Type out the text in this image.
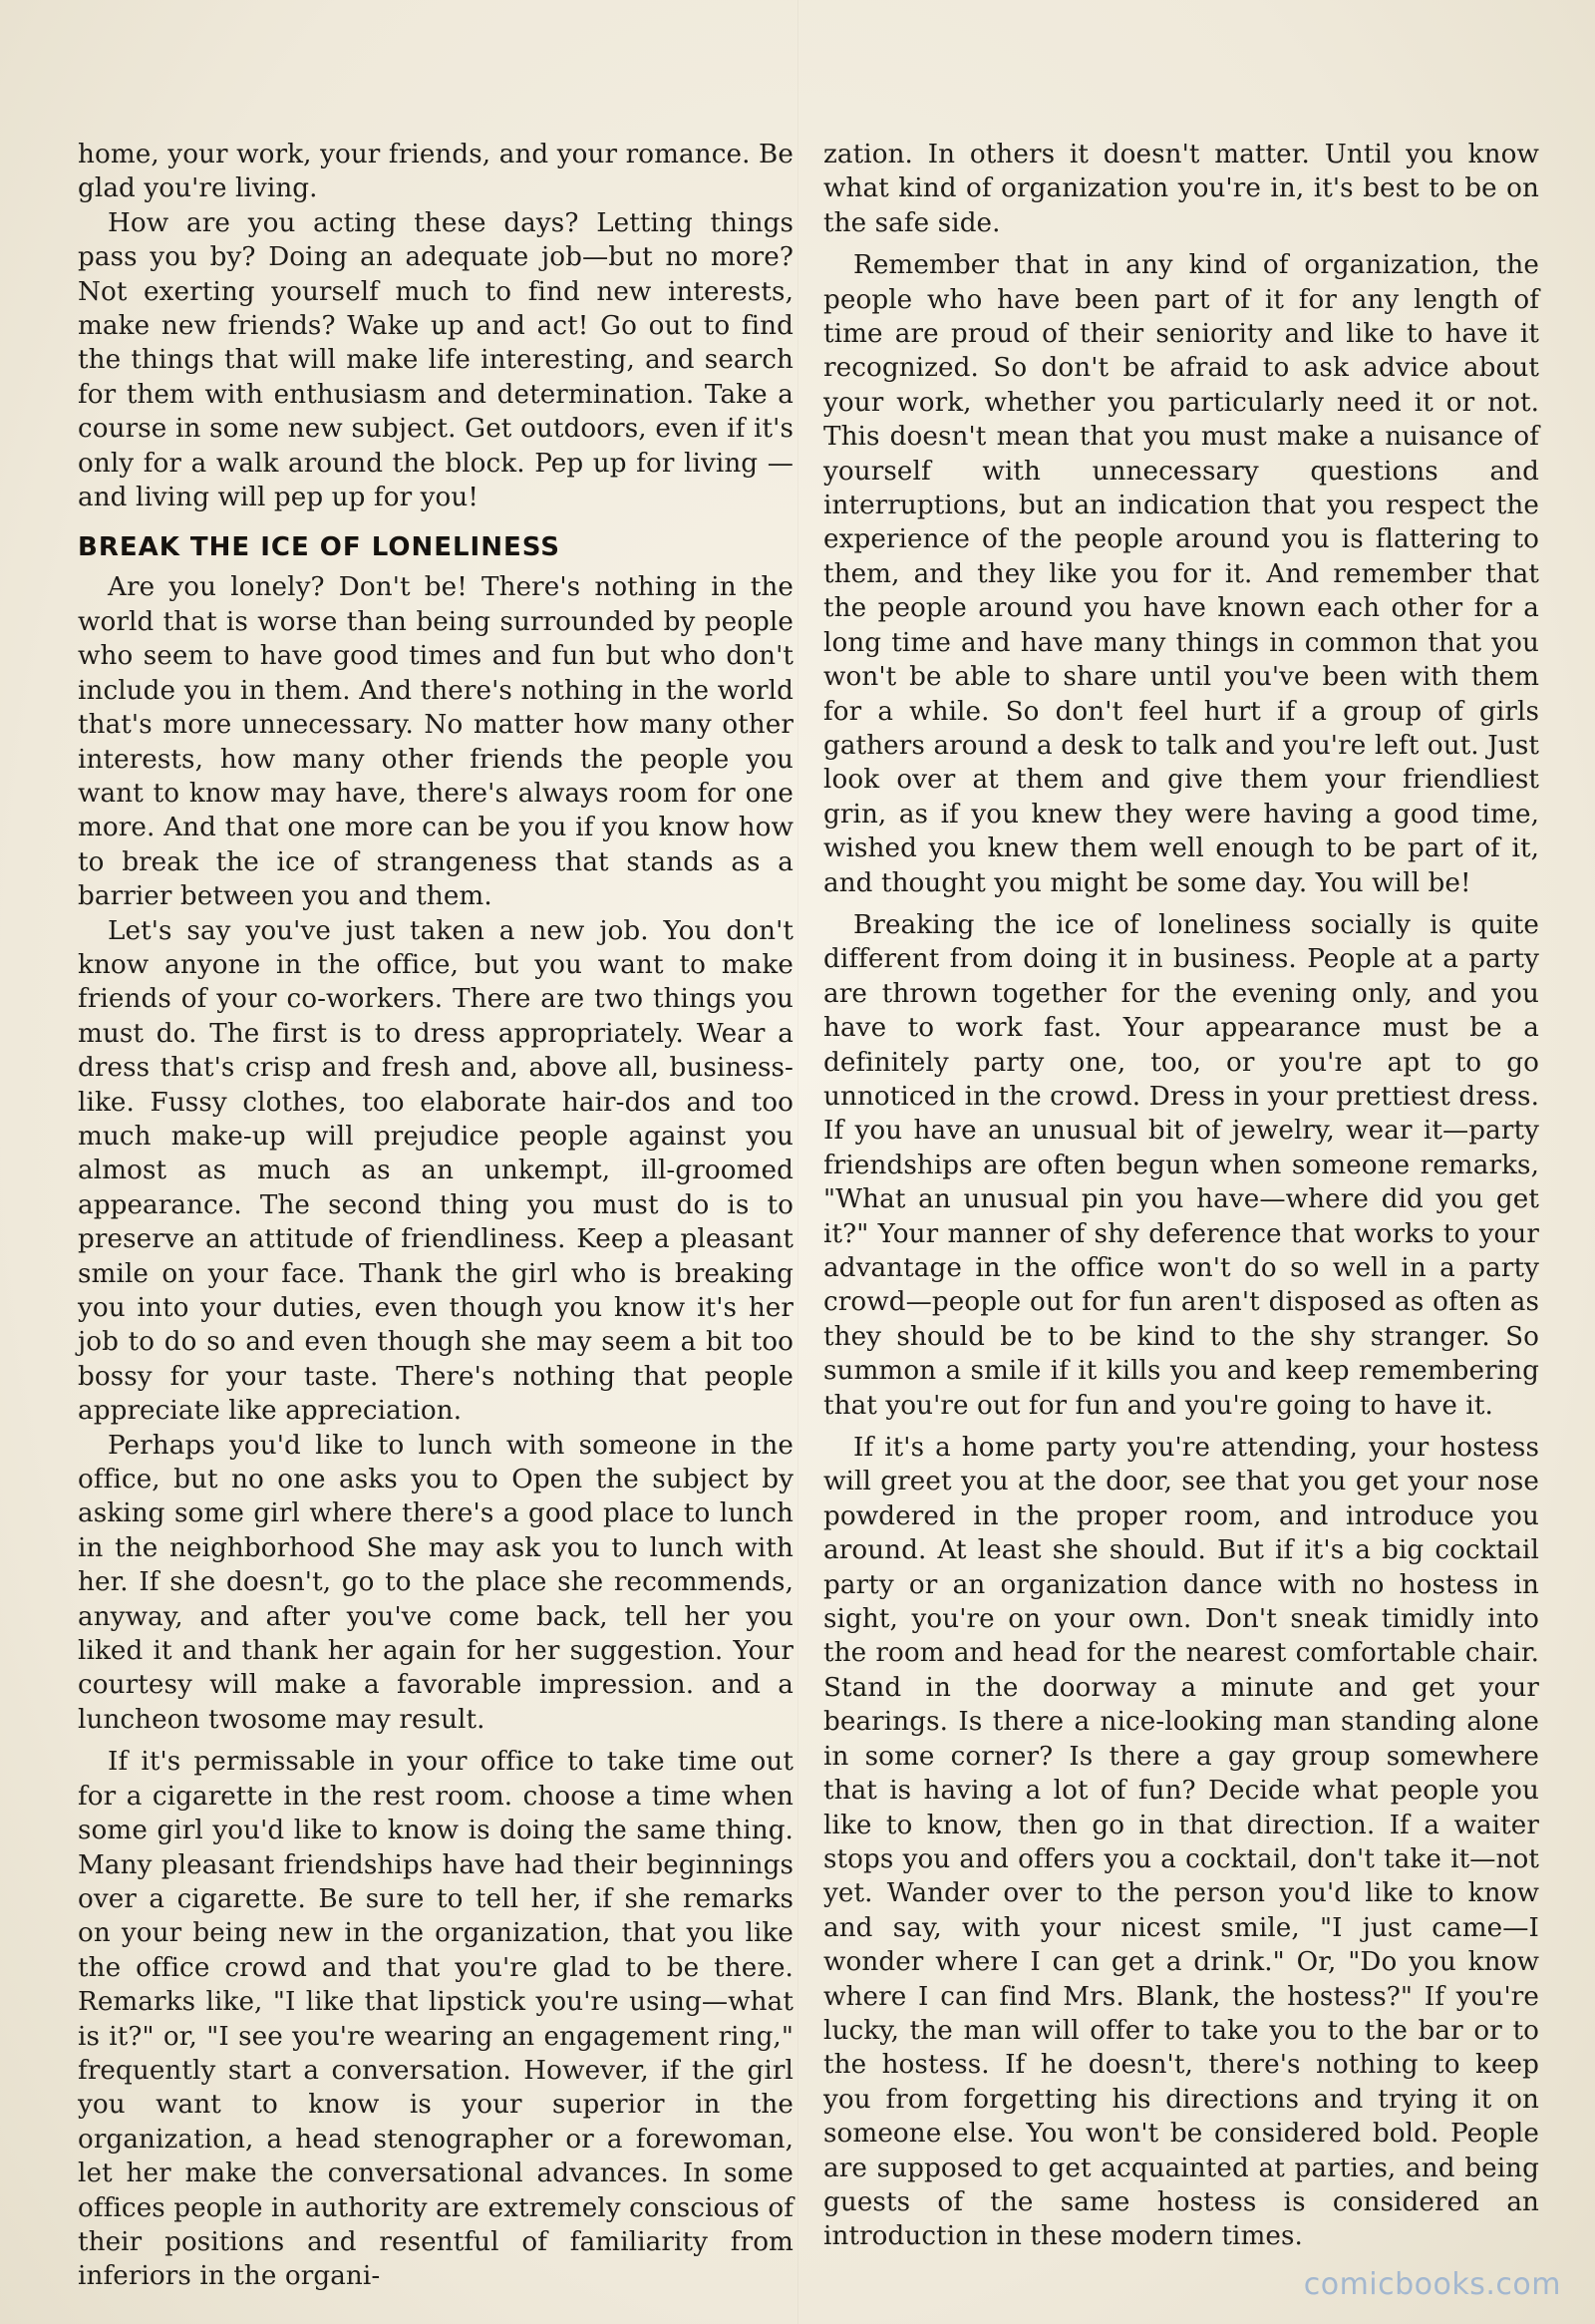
home, your work, your friends, and your romance. Be glad you're living.

How are you acting these days? Letting things pass you by? Doing an adequate job—but no more? Not exerting yourself much to find new interests, make new friends? Wake up and act! Go out to find the things that will make life interesting, and search for them with enthusiasm and determination. Take a course in some new subject. Get outdoors, even if it's only for a walk around the block. Pep up for living —and living will pep up for you!

BREAK THE ICE OF LONELINESS

Are you lonely? Don't be! There's nothing in the world that is worse than being surrounded by people who seem to have good times and fun but who don't include you in them. And there's nothing in the world that's more unnecessary. No matter how many other interests, how many other friends the people you want to know may have, there's always room for one more. And that one more can be you if you know how to break the ice of strangeness that stands as a barrier between you and them.

Let's say you've just taken a new job. You don't know anyone in the office, but you want to make friends of your co-workers. There are two things you must do. The first is to dress appropriately. Wear a dress that's crisp and fresh and, above all, business-like. Fussy clothes, too elaborate hair-dos and too much make-up will prejudice people against you almost as much as an unkempt, ill-groomed appearance. The second thing you must do is to preserve an attitude of friendliness. Keep a pleasant smile on your face. Thank the girl who is breaking you into your duties, even though you know it's her job to do so and even though she may seem a bit too bossy for your taste. There's nothing that people appreciate like appreciation.

Perhaps you'd like to lunch with someone in the office, but no one asks you to Open the subject by asking some girl where there's a good place to lunch in the neighborhood She may ask you to lunch with her. If she doesn't, go to the place she recommends, anyway, and after you've come back, tell her you liked it and thank her again for her suggestion. Your courtesy will make a favorable impression. and a luncheon twosome may result.

If it's permissable in your office to take time out for a cigarette in the rest room. choose a time when some girl you'd like to know is doing the same thing. Many pleasant friendships have had their beginnings over a cigarette. Be sure to tell her, if she remarks on your being new in the organization, that you like the office crowd and that you're glad to be there. Remarks like, "I like that lipstick you're using—what is it?" or, "I see you're wearing an engagement ring," frequently start a conversation. However, if the girl you want to know is your superior in the organization, a head stenographer or a forewoman, let her make the conversational advances. In some offices people in authority are extremely conscious of their positions and resentful of familiarity from inferiors in the organi-

zation. In others it doesn't matter. Until you know what kind of organization you're in, it's best to be on the safe side.

Remember that in any kind of organization, the people who have been part of it for any length of time are proud of their seniority and like to have it recognized. So don't be afraid to ask advice about your work, whether you particularly need it or not. This doesn't mean that you must make a nuisance of yourself with unnecessary questions and interruptions, but an indication that you respect the experience of the people around you is flattering to them, and they like you for it. And remember that the people around you have known each other for a long time and have many things in common that you won't be able to share until you've been with them for a while. So don't feel hurt if a group of girls gathers around a desk to talk and you're left out. Just look over at them and give them your friendliest grin, as if you knew they were having a good time, wished you knew them well enough to be part of it, and thought you might be some day. You will be!

Breaking the ice of loneliness socially is quite different from doing it in business. People at a party are thrown together for the evening only, and you have to work fast. Your appearance must be a definitely party one, too, or you're apt to go unnoticed in the crowd. Dress in your prettiest dress. If you have an unusual bit of jewelry, wear it—party friendships are often begun when someone remarks, "What an unusual pin you have—where did you get it?" Your manner of shy deference that works to your advantage in the office won't do so well in a party crowd—people out for fun aren't disposed as often as they should be to be kind to the shy stranger. So summon a smile if it kills you and keep remembering that you're out for fun and you're going to have it.

If it's a home party you're attending, your hostess will greet you at the door, see that you get your nose powdered in the proper room, and introduce you around. At least she should. But if it's a big cocktail party or an organization dance with no hostess in sight, you're on your own. Don't sneak timidly into the room and head for the nearest comfortable chair. Stand in the doorway a minute and get your bearings. Is there a nice-looking man standing alone in some corner? Is there a gay group somewhere that is having a lot of fun? Decide what people you like to know, then go in that direction. If a waiter stops you and offers you a cocktail, don't take it—not yet. Wander over to the person you'd like to know and say, with your nicest smile, "I just came—I wonder where I can get a drink." Or, "Do you know where I can find Mrs. Blank, the hostess?" If you're lucky, the man will offer to take you to the bar or to the hostess. If he doesn't, there's nothing to keep you from forgetting his directions and trying it on someone else. You won't be considered bold. People are supposed to get acquainted at parties, and being guests of the same hostess is considered an introduction in these modern times.

comicbooks.com
